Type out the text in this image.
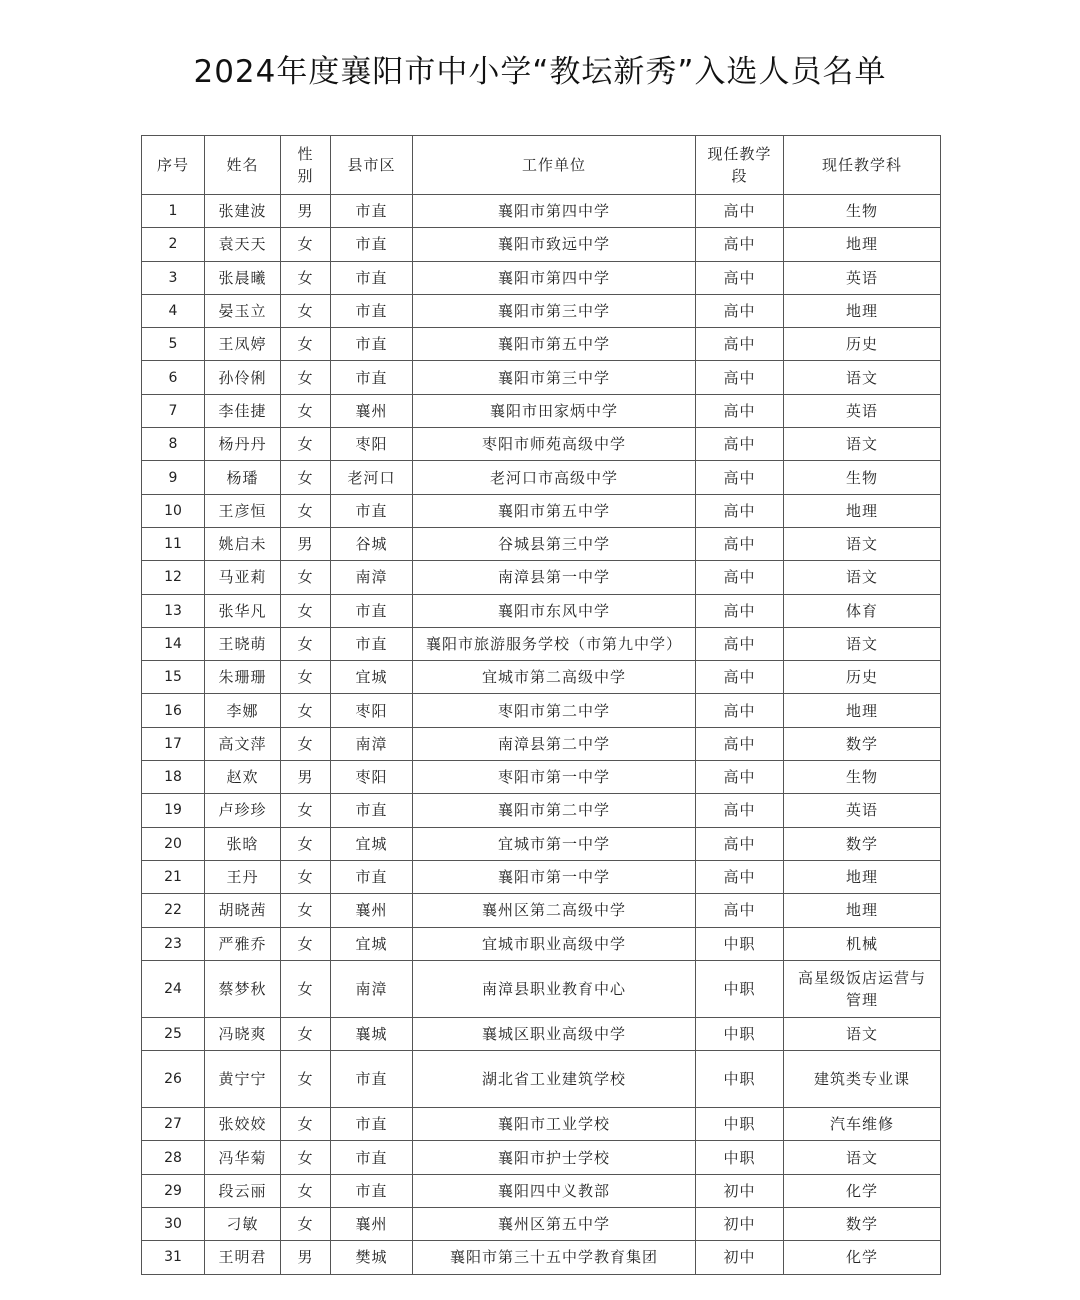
2024年度襄阳市中小学“教坛新秀”入选人员名单
序号	姓名	性别	县市区	工作单位	现任教学段	现任教学科
1	张建波	男	市直	襄阳市第四中学	高中	生物
2	袁天天	女	市直	襄阳市致远中学	高中	地理
3	张晨曦	女	市直	襄阳市第四中学	高中	英语
4	晏玉立	女	市直	襄阳市第三中学	高中	地理
5	王凤婷	女	市直	襄阳市第五中学	高中	历史
6	孙伶俐	女	市直	襄阳市第三中学	高中	语文
7	李佳捷	女	襄州	襄阳市田家炳中学	高中	英语
8	杨丹丹	女	枣阳	枣阳市师苑高级中学	高中	语文
9	杨璠	女	老河口	老河口市高级中学	高中	生物
10	王彦恒	女	市直	襄阳市第五中学	高中	地理
11	姚启未	男	谷城	谷城县第三中学	高中	语文
12	马亚莉	女	南漳	南漳县第一中学	高中	语文
13	张华凡	女	市直	襄阳市东风中学	高中	体育
14	王晓萌	女	市直	襄阳市旅游服务学校（市第九中学）	高中	语文
15	朱珊珊	女	宜城	宜城市第二高级中学	高中	历史
16	李娜	女	枣阳	枣阳市第二中学	高中	地理
17	高文萍	女	南漳	南漳县第二中学	高中	数学
18	赵欢	男	枣阳	枣阳市第一中学	高中	生物
19	卢珍珍	女	市直	襄阳市第二中学	高中	英语
20	张晗	女	宜城	宜城市第一中学	高中	数学
21	王丹	女	市直	襄阳市第一中学	高中	地理
22	胡晓茜	女	襄州	襄州区第二高级中学	高中	地理
23	严雅乔	女	宜城	宜城市职业高级中学	中职	机械
24	蔡梦秋	女	南漳	南漳县职业教育中心	中职	高星级饭店运营与管理
25	冯晓爽	女	襄城	襄城区职业高级中学	中职	语文
26	黄宁宁	女	市直	湖北省工业建筑学校	中职	建筑类专业课
27	张姣姣	女	市直	襄阳市工业学校	中职	汽车维修
28	冯华菊	女	市直	襄阳市护士学校	中职	语文
29	段云丽	女	市直	襄阳四中义教部	初中	化学
30	刁敏	女	襄州	襄州区第五中学	初中	数学
31	王明君	男	樊城	襄阳市第三十五中学教育集团	初中	化学
